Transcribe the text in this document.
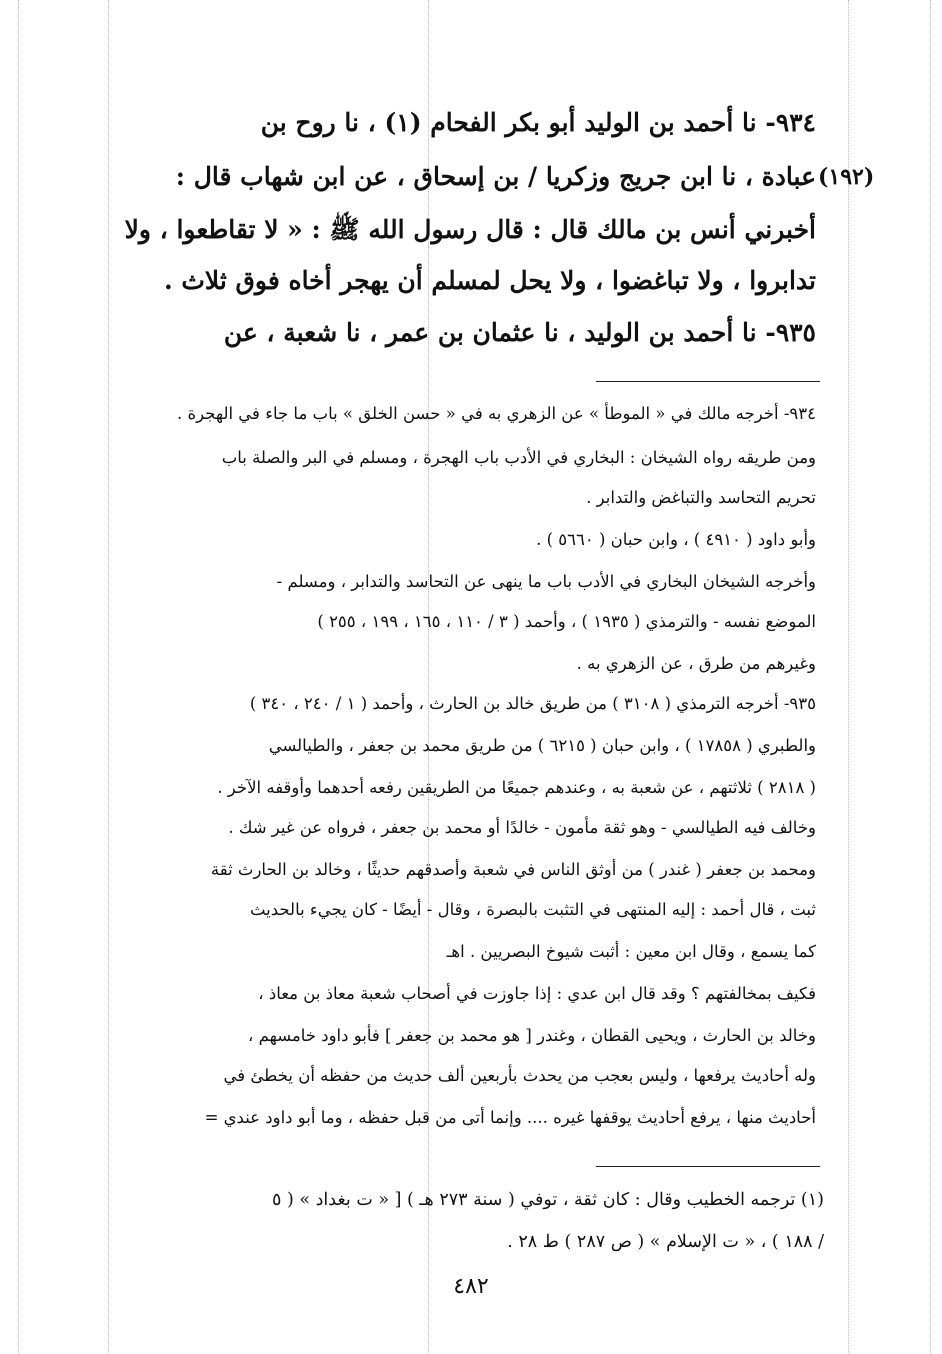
٩٣٤- نا أحمد بن الوليد أبو بكر الفحام (١) ، نا روح بن
عبادة ، نا ابن جريج وزكريا / بن إسحاق ، عن ابن شهاب قال :
أخبرني أنس بن مالك قال : قال رسول الله ﷺ : « لا تقاطعوا ، ولا
تدابروا ، ولا تباغضوا ، ولا يحل لمسلم أن يهجر أخاه فوق ثلاث .
٩٣٥- نا أحمد بن الوليد ، نا عثمان بن عمر ، نا شعبة ، عن
(١٩٢)
٩٣٤- أخرجه مالك في « الموطأ » عن الزهري به في « حسن الخلق » باب ما جاء في الهجرة .
ومن طريقه رواه الشيخان : البخاري في الأدب باب الهجرة ، ومسلم في البر والصلة باب
تحريم التحاسد والتباغض والتدابر .
وأبو داود ( ٤٩١٠ ) ، وابن حبان ( ٥٦٦٠ ) .
وأخرجه الشيخان البخاري في الأدب باب ما ينهى عن التحاسد والتدابر ، ومسلم -
الموضع نفسه - والترمذي ( ١٩٣٥ ) ، وأحمد ( ٣ / ١١٠ ، ١٦٥ ، ١٩٩ ، ٢٥٥ )
وغيرهم من طرق ، عن الزهري به .
٩٣٥- أخرجه الترمذي ( ٣١٠٨ ) من طريق خالد بن الحارث ، وأحمد ( ١ / ٢٤٠ ، ٣٤٠ )
والطبري ( ١٧٨٥٨ ) ، وابن حبان ( ٦٢١٥ ) من طريق محمد بن جعفر ، والطيالسي
( ٢٨١٨ ) ثلاثتهم ، عن شعبة به ، وعندهم جميعًا من الطريقين رفعه أحدهما وأوقفه الآخر .
وخالف فيه الطيالسي - وهو ثقة مأمون - خالدًا أو محمد بن جعفر ، فرواه عن غير شك .
ومحمد بن جعفر ( غندر ) من أوثق الناس في شعبة وأصدقهم حديثًا ، وخالد بن الحارث ثقة
ثبت ، قال أحمد : إليه المنتهى في التثبت بالبصرة ، وقال - أيضًا - كان يجيء بالحديث
كما يسمع ، وقال ابن معين : أثبت شيوخ البصريين . اهـ
فكيف بمخالفتهم ؟ وقد قال ابن عدي : إذا جاوزت في أصحاب شعبة معاذ بن معاذ ،
وخالد بن الحارث ، ويحيى القطان ، وغندر [ هو محمد بن جعفر ] فأبو داود خامسهم ،
وله أحاديث يرفعها ، وليس بعجب من يحدث بأربعين ألف حديث من حفظه أن يخطئ في
أحاديث منها ، يرفع أحاديث يوقفها غيره .... وإنما أتى من قبل حفظه ، وما أبو داود عندي =
(١) ترجمه الخطيب وقال : كان ثقة ، توفي ( سنة ٢٧٣ هـ ) [ « ت بغداد » ( ٥
/ ١٨٨ ) ، « ت الإسلام » ( ص ٢٨٧ ) ط ٢٨ .
٤٨٢
